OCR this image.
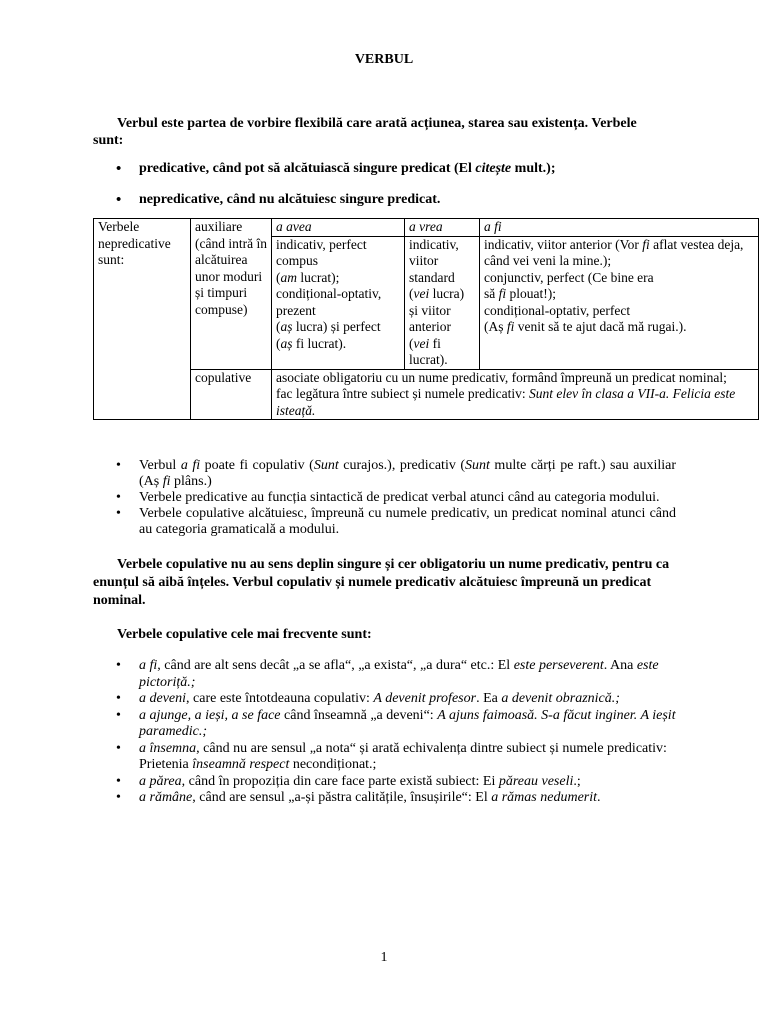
VERBUL
Verbul este partea de vorbire flexibilă care arată acțiunea, starea sau existența. Verbele sunt:
• predicative, când pot să alcătuiască singure predicat (El citește mult.);
• nepredicative, când nu alcătuiesc singure predicat.
Verbele nepredicative sunt:	auxiliare (când intră în alcătuirea unor moduri și timpuri compuse)	a avea	a vrea	a fi

		indicativ, perfect compus
(am lucrat);
condițional-optativ, prezent
(aș lucra) și perfect
(aș fi lucrat).	indicativ, viitor standard
(vei lucra)
și viitor anterior
(vei fi lucrat).	indicativ, viitor anterior (Vor fi aflat vestea deja, când vei veni la mine.);
conjunctiv, perfect (Ce bine era
să fi plouat!);
condițional-optativ, perfect
(Aș fi venit să te ajut dacă mă rugai.).

	copulative	asociate obligatoriu cu un nume predicativ, formând împreună un predicat nominal;
fac legătura între subiect și numele predicativ: Sunt elev în clasa a VII-a. Felicia este isteață.		
• Verbul a fi poate fi copulativ (Sunt curajos.), predicativ (Sunt multe cărți pe raft.) sau auxiliar (Aș fi plâns.)
• Verbele predicative au funcția sintactică de predicat verbal atunci când au categoria modului.
• Verbele copulative alcătuiesc, împreună cu numele predicativ, un predicat nominal atunci când au categoria gramaticală a modului.
Verbele copulative nu au sens deplin singure și cer obligatoriu un nume predicativ, pentru ca enunțul să aibă înțeles. Verbul copulativ și numele predicativ alcătuiesc împreună un predicat nominal.
Verbele copulative cele mai frecvente sunt:
• a fi, când are alt sens decât „a se afla“, „a exista“, „a dura“ etc.: El este perseverent. Ana este pictoriță.;
• a deveni, care este întotdeauna copulativ: A devenit profesor. Ea a devenit obraznică.;
• a ajunge, a ieși, a se face când înseamnă „a deveni“: A ajuns faimoasă. S-a făcut inginer. A ieșit paramedic.;
• a însemna, când nu are sensul „a nota“ și arată echivalența dintre subiect și numele predicativ: Prietenia înseamnă respect necondiționat.;
• a părea, când în propoziția din care face parte există subiect: Ei păreau veseli.;
• a rămâne, când are sensul „a-și păstra calitățile, însușirile“: El a rămas nedumerit.
1
